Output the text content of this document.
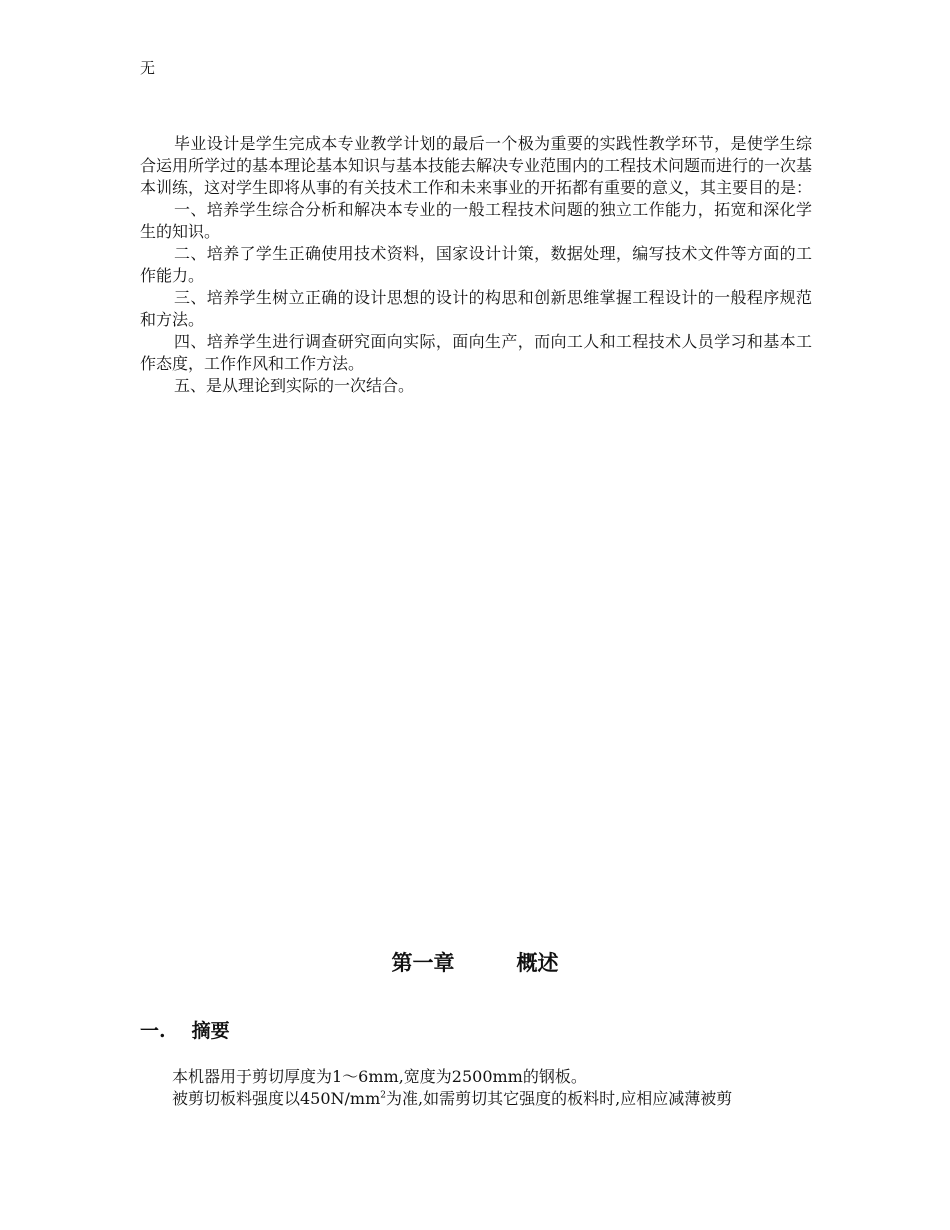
无

毕业设计是学生完成本专业教学计划的最后一个极为重要的实践性教学环节，是使学生综合运用所学过的基本理论基本知识与基本技能去解决专业范围内的工程技术问题而进行的一次基本训练，这对学生即将从事的有关技术工作和未来事业的开拓都有重要的意义，其主要目的是：

一、培养学生综合分析和解决本专业的一般工程技术问题的独立工作能力，拓宽和深化学生的知识。

二、培养了学生正确使用技术资料，国家设计计策，数据处理，编写技术文件等方面的工作能力。

三、培养学生树立正确的设计思想的设计的构思和创新思维掌握工程设计的一般程序规范和方法。

四、培养学生进行调查研究面向实际，面向生产，而向工人和工程技术人员学习和基本工作态度，工作作风和工作方法。

五、是从理论到实际的一次结合。

第一章	概述
一. 摘要

本机器用于剪切厚度为1～6mm,宽度为2500mm的钢板。

被剪切板料强度以$450N/mm^2$为准,如需剪切其它强度的板料时,应相应减薄被剪
